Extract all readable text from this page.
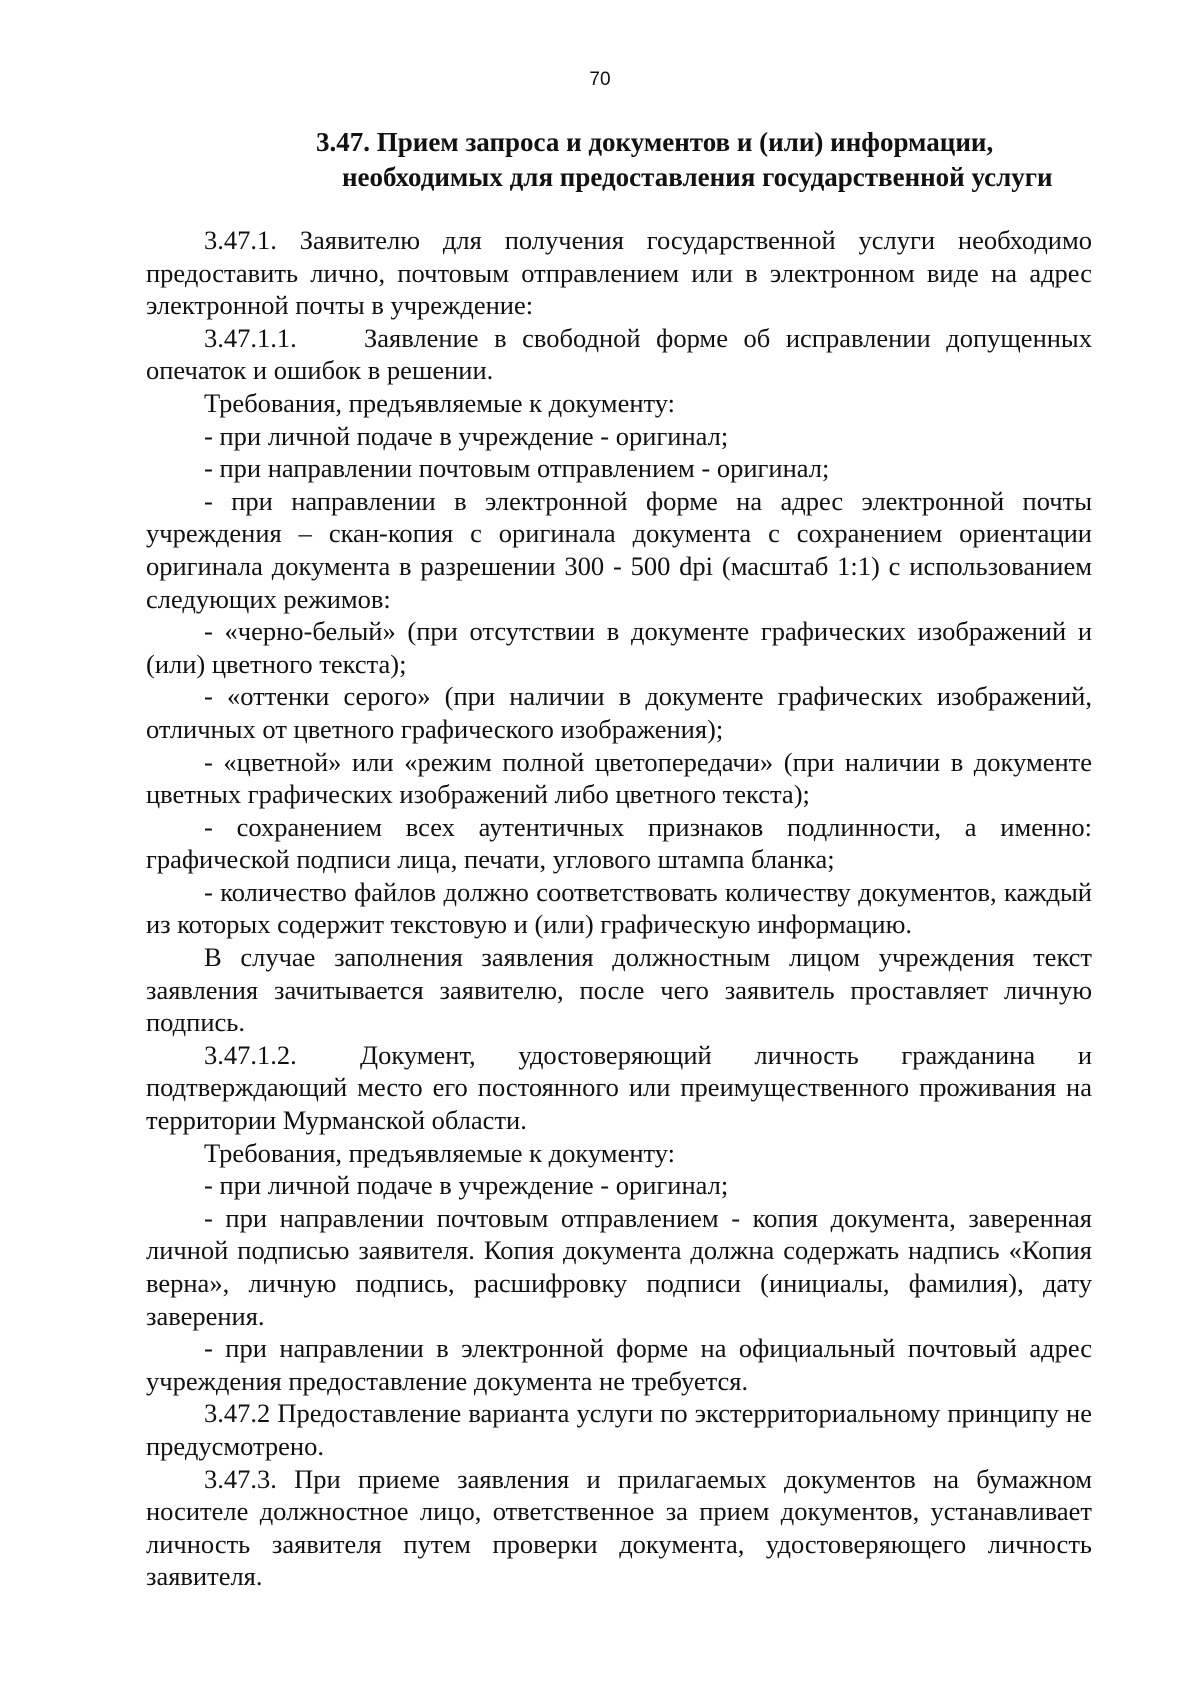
70
3.47. Прием запроса и документов и (или) информации,
необходимых для предоставления государственной услуги

3.47.1. Заявителю для получения государственной услуги необходимо предоставить лично, почтовым отправлением или в электронном виде на адрес электронной почты в учреждение:

3.47.1.1.	Заявление в свободной форме об исправлении допущенных опечаток и ошибок в решении.

Требования, предъявляемые к документу:

- при личной подаче в учреждение - оригинал;

- при направлении почтовым отправлением - оригинал;

- при направлении в электронной форме на адрес электронной почты учреждения – скан-копия с оригинала документа с сохранением ориентации оригинала документа в разрешении 300 - 500 dpi (масштаб 1:1) с использованием следующих режимов:

- «черно-белый» (при отсутствии в документе графических изображений и (или) цветного текста);

- «оттенки серого» (при наличии в документе графических изображений, отличных от цветного графического изображения);

- «цветной» или «режим полной цветопередачи» (при наличии в документе цветных графических изображений либо цветного текста);

- сохранением всех аутентичных признаков подлинности, а именно: графической подписи лица, печати, углового штампа бланка;

- количество файлов должно соответствовать количеству документов, каждый из которых содержит текстовую и (или) графическую информацию.

В случае заполнения заявления должностным лицом учреждения текст заявления зачитывается заявителю, после чего заявитель проставляет личную подпись.

3.47.1.2. Документ, удостоверяющий личность гражданина и подтверждающий место его постоянного или преимущественного проживания на территории Мурманской области.

Требования, предъявляемые к документу:

- при личной подаче в учреждение - оригинал;

- при направлении почтовым отправлением - копия документа, заверенная личной подписью заявителя. Копия документа должна содержать надпись «Копия верна», личную подпись, расшифровку подписи (инициалы, фамилия), дату заверения.

- при направлении в электронной форме на официальный почтовый адрес учреждения предоставление документа не требуется.

3.47.2 Предоставление варианта услуги по экстерриториальному принципу не предусмотрено.

3.47.3. При приеме заявления и прилагаемых документов на бумажном носителе должностное лицо, ответственное за прием документов, устанавливает личность заявителя путем проверки документа, удостоверяющего личность заявителя.
